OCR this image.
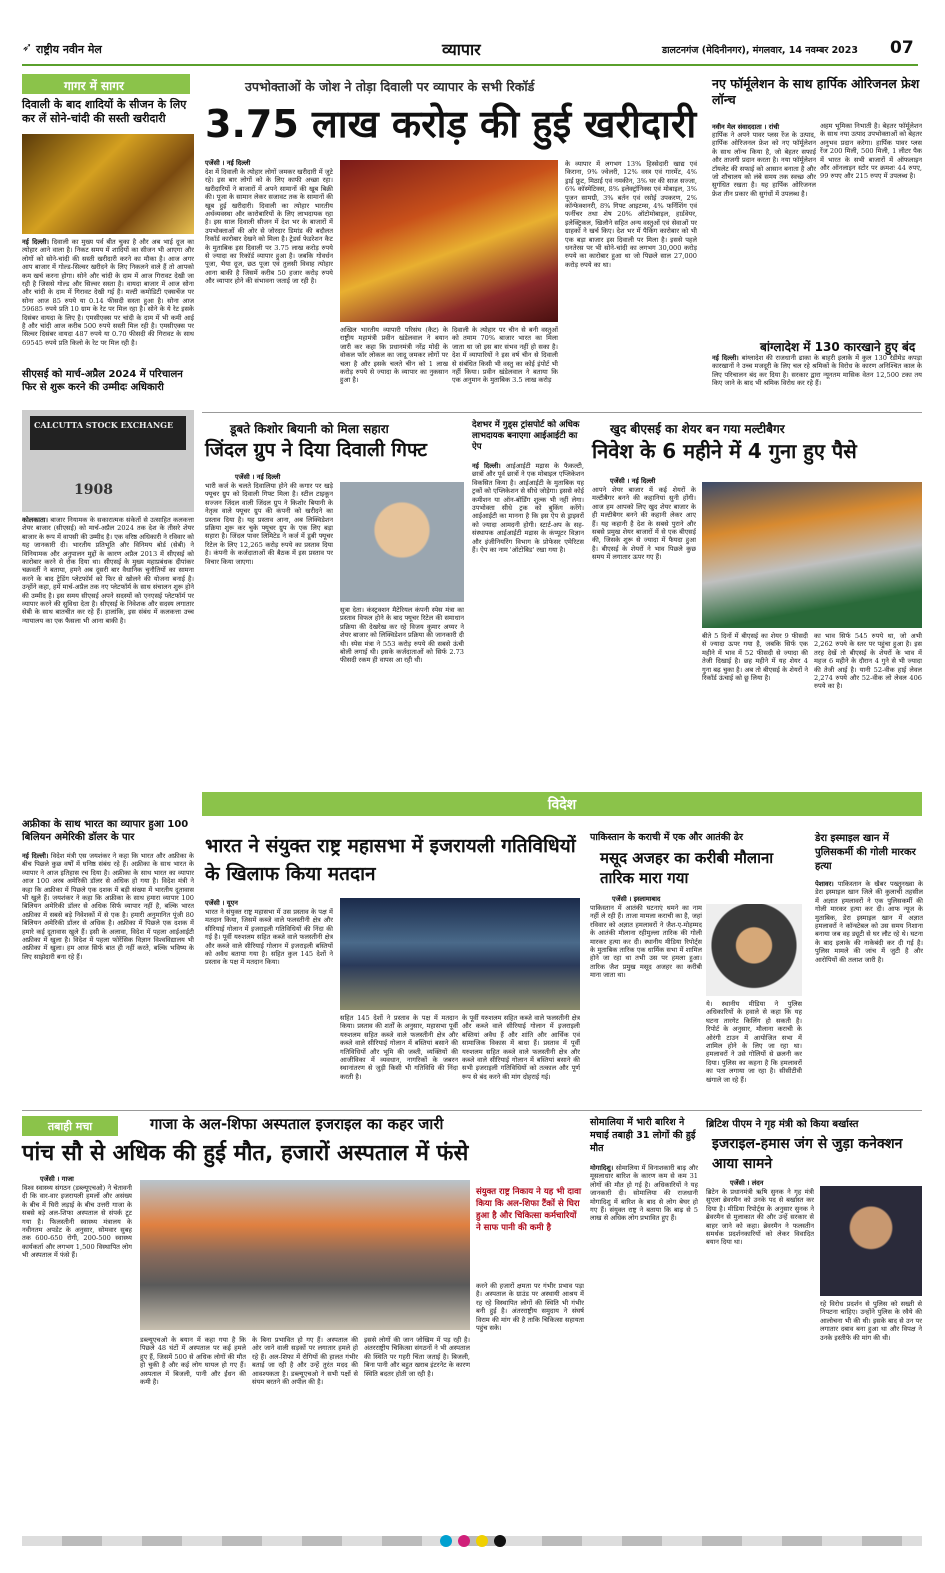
➶ राष्ट्रीय नवीन मेल	व्यापार	डालटनगंज (मेदिनीनगर), मंगलवार, 14 नवम्बर 2023 07
गागर में सागर
दिवाली के बाद शादियों के सीजन के लिए कर लें सोने-चांदी की सस्ती खरीदारी
नई दिल्ली। दिवाली का मुख्य पर्व बीत चुका है और अब भाई दूज का त्योहार आने वाला है। निकट समय में शादियों का सीजन भी आएगा और लोगों को सोने-चांदी की सस्ती खरीदारी करने का मौका है। आज अगर आप बाजार में गोल्ड-सिल्वर खरीदने के लिए निकलने वाले हैं तो आपको कम खर्च करना होगा। सोने और चांदी के दाम में आज गिरावट देखी जा रही है जिससे गोल्ड और सिल्वर सस्ता है। वायदा बाजार में आज सोना और चांदी के दाम में गिरावट देखी गई है। मल्टी कमोडिटी एक्सचेंज पर सोना आज 85 रुपये या 0.14 फीसदी सस्ता हुआ है। सोना आज 59685 रुपये प्रति 10 ग्राम के रेट पर मिल रहा है। सोने के ये रेट इसके दिसंबर वायदा के लिए है। एमसीएक्स पर चांदी के दाम में भी कमी आई है और चांदी आज करीब 500 रुपये सस्ती मिल रही है। एमसीएक्स पर सिल्वर दिसंबर वायदा 487 रुपये या 0.70 फीसदी की गिरावट के साथ 69545 रुपये प्रति किलो के रेट पर मिल रही है।
सीएसई को मार्च-अप्रैल 2024 में परिचालन फिर से शुरू करने की उम्मीदः अधिकारी
CALCUTTA STOCK EXCHANGE
1908
कोलकाता। बाजार नियामक के सकारात्मक संकेतों से उत्साहित कलकत्ता शेयर बाजार (सीएसई) को मार्च-अप्रैल 2024 तक देश के तीसरे शेयर बाजार के रूप में वापसी की उम्मीद है। एक वरिष्ठ अधिकारी ने रविवार को यह जानकारी दी। भारतीय प्रतिभूति और विनिमय बोर्ड (सेबी) ने विनियामक और अनुपालन मुद्दों के कारण अप्रैल 2013 में सीएसई को कारोबार करने से रोक दिया था। सीएसई के मुख्य महाप्रबंधक दीपांकर चक्रवर्ती ने बताया, हमने अब दूसरी बार वैधानिक चुनौतियों का सामना करने के बाद ट्रेडिंग प्लेटफॉर्म को फिर से खोलने की योजना बनाई है। उन्होंने कहा, हमें मार्च-अप्रैल तक नए प्लेटफॉर्म के साथ संचालन शुरू होने की उम्मीद है। इस समय सीएसई अपने सदस्यों को एनएसई प्लेटफॉर्म पर व्यापार करने की सुविधा देता है। सीएसई के निवेशक और सदस्य लगातार सेबी के साथ बातचीत कर रहे हैं। हालांकि, इस संबंध में कलकत्ता उच्च न्यायालय का एक फैसला भी आना बाकी है।
अफ्रीका के साथ भारत का व्यापार हुआ 100 बिलियन अमेरिकी डॉलर के पार
नई दिल्ली। विदेश मंत्री एस जयशंकर ने कहा कि भारत और अफ्रीका के बीच पिछले कुछ वर्षों में घनिष्ठ संबंध रहे हैं। अफ्रीका के साथ भारत के व्यापार ने आज इतिहास रच दिया है। अफ्रीका के साथ भारत का व्यापार आज 100 अरब अमेरिकी डॉलर से अधिक हो गया है। विदेश मंत्री ने कहा कि अफ्रीका में पिछले एक दशक में बड़ी संख्या में भारतीय दूतावास भी खुले हैं। जयशंकर ने कहा कि अफ्रीका के साथ हमारा व्यापार 100 बिलियन अमेरिकी डॉलर से अधिक सिर्फ व्यापार नहीं है, बल्कि भारत अफ्रीका में सबसे बड़े निवेशकों में से एक है। हमारी अनुमानित पूंजी 80 बिलियन अमेरिकी डॉलर से अधिक है। अफ्रीका में पिछले एक दशक में हमारे कई दूतावास खुले हैं। इसी के अलावा, विदेश में पहला आईआईटी अफ्रीका में खुला है। विदेश में पहला फोरेंसिक विज्ञान विश्वविद्यालय भी अफ्रीका में खुला। हम आज सिर्फ बात ही नहीं करते, बल्कि भविष्य के लिए साझेदारी बना रहे हैं।
उपभोक्ताओं के जोश ने तोड़ा दिवाली पर व्यापार के सभी रिकॉर्ड
3.75 लाख करोड़ की हुई खरीदारी
एजेंसी । नई दिल्ली
देश में दिवाली के त्योहार लोगों जमकर खरीदारी में जुटे रहे। इस बार लोगों को के लिए काफी अच्छा रहा। खरीदारियों ने बाजारों में अपने सामानों की खूब बिक्री की। पूजा के सामान लेकर सजावट तक के सामानों की खूब हुई खरीदारी। दिवाली का त्योहार भारतीय अर्थव्यवस्था और कारोबारियों के लिए लाभदायक रहा है। इस साल दिवाली सीजन में देश भर के बाजारों में उपभोक्ताओं की ओर से जोरदार डिमांड की बदौलत रिकॉर्ड कारोबार देखने को मिला है। ट्रेडर्स फेडरेशन कैट के मुताबिक इस दिवाली पर 3.75 लाख करोड़ रुपये से ज्यादा का रिकॉर्ड व्यापार हुआ है। जबकि गोवर्धन पूजा, भैया दूज, छठ पूजा एवं तुलसी विवाह त्योहार आना बाकी है जिसमें करीब 50 हजार करोड़ रुपये और व्यापार होने की संभावना जताई जा रही है।
अखिल भारतीय व्यापारी परिसंघ (कैट) के राष्ट्रीय महामंत्री प्रवीन खंडेलवाल ने बयान जारी कर कहा कि प्रधानमंत्री नरेंद्र मोदी के वोकल फॉर लोकल का जादू जमकर लोगों पर चला है और इसके चलते चीन को 1 लाख करोड़ रुपये से ज्यादा के व्यापार का नुकसान हुआ है।
दिवाली के त्योहार पर चीन से बनी वस्तुओं को तमाम 70% बाजार भारत का मिला जाता था जो इस बार संभव नहीं हो सका है। देश में व्यापारियों ने इस वर्ष चीन से दिवाली से संबंधित किसी भी वस्तु का कोई इंपोर्ट भी नहीं किया। प्रवीन खंडेलवाल ने बताया कि एक अनुमान के मुताबिक 3.5 लाख करोड़
के व्यापार में लगभग 13% हिस्सेदारी खाद्य एवं किराना, 9% ज्वेलरी, 12% वस्त्र एवं गारमेंट, 4% ड्राई फ्रूट, मिठाई एवं नमकीन, 3% घर की साज सज्जा, 6% कॉस्मेटिक्स, 8% इलेक्ट्रॉनिक्स एवं मोबाइल, 3% पूजन सामग्री, 3% बर्तन एवं रसोई उपकरण, 2% कॉन्फेक्शनरी, 8% गिफ्ट आइटम्स, 4% फर्निशिंग एवं फर्नीचर तथा शेष 20% ऑटोमोबाइल, हार्डवेयर, इलेक्ट्रिकल, खिलौने सहित अन्य वस्तुओं एवं सेवाओं पर ग्राहकों ने खर्च किए। देश भर में पैकिंग कारोबार को भी एक बड़ा बाजार इस दिवाली पर मिला है। इससे पहले धनतेरस पर भी सोने-चांदी का लगभग 30,000 करोड़ रुपये का कारोबार हुआ था जो पिछले साल 27,000 करोड़ रुपये का था।
नए फॉर्मूलेशन के साथ हार्पिक ओरिजनल फ्रेश लॉन्च
नवीन मेल संवाददाता । रांची
हार्पिक ने अपने पावर प्लस रेंज के उत्पाद, हार्पिक ओरिजनल फ्रेश को नए फॉर्मूलेशन के साथ लॉन्च किया है, जो बेहतर सफाई और ताजगी प्रदान करता है। नया फॉर्मूलेशन टॉयलेट की सफाई को आसान बनाता है और जो शौचालय को लंबे समय तक स्वच्छ और सुगंधित रखता है। यह हार्पिक ओरिजनल फ्रेश तीन प्रकार की सुगंधों में उपलब्ध है।
अहम भूमिका निभाती है। बेहतर फॉर्मूलेशन के साथ नया उत्पाद उपभोक्ताओं को बेहतर अनुभव प्रदान करेगा। हार्पिक पावर प्लस रेंज 200 मिली, 500 मिली, 1 लीटर पैक में भारत के सभी बाजारों में ऑफलाइन और ऑनलाइन स्टोर पर क्रमशः 44 रुपए, 99 रुपए और 215 रुपए में उपलब्ध है।
बांग्लादेश में 130 कारखाने हुए बंद
नई दिल्ली। बांग्लादेश की राजधानी ढाका के बाहरी इलाके में कुल 130 रेडीमेड कपड़ा कारखानों ने उच्च मजदूरी के लिए चल रहे श्रमिकों के विरोध के कारण अनिश्चित काल के लिए परिचालन बंद कर दिया है। सरकार द्वारा न्यूनतम मासिक वेतन 12,500 टका तय किए जाने के बाद भी श्रमिक विरोध कर रहे हैं।
डूबते किशोर बियानी को मिला सहारा
जिंदल ग्रुप ने दिया दिवाली गिफ्ट
एजेंसी । नई दिल्ली
भारी कर्ज के चलते दिवालिया होने की कगार पर खड़े फ्यूचर ग्रुप को दिवाली गिफ्ट मिला है। स्टील टाइकून सज्जन जिंदल वाली जिंदल ग्रुप ने किशोर बियानी के नेतृत्व वाले फ्यूचर ग्रुप की कंपनी को खरीदने का प्रस्ताव दिया है। यह प्रस्ताव आना, अब लिक्विडेशन प्रक्रिया शुरू कर चुके फ्यूचर ग्रुप के एक लिए बड़ा सहारा है। जिंदल पावर लिमिटेड ने कर्ज में डूबी फ्यूचर रिटेल के लिए 12,265 करोड़ रुपये का प्रस्ताव दिया है। कंपनी के कर्जदाताओं की बैठक में इस प्रस्ताव पर विचार किया जाएगा।
सुत्रा देता। कंस्ट्रक्शन मैटेरियल कंपनी स्पेस मंत्रा का प्रस्ताव विफल होने के बाद फ्यूचर रिटेल की समाधान प्रक्रिया की देखरेख कर रहे विजय कुमार अय्यर ने शेयर बाजार को लिक्विडेशन प्रक्रिया की जानकारी दी थी। स्पेस मंत्रा ने 553 करोड़ रुपये की सबसे ऊंची बोली लगाई थी। इसके कर्जदाताओं को सिर्फ 2.73 फीसदी रकम ही वापस आ रही थी।
देशभर में गुड्स ट्रांसपोर्ट को अधिक लाभदायक बनाएगा आईआईटी का ऐप
नई दिल्ली। आईआईटी मद्रास के फैकल्टी, छात्रों और पूर्व छात्रों ने एक मोबाइल एप्लिकेशन विकसित किया है। आईआईटी के मुताबिक यह ट्रकों को एप्लिकेशन से सीधे जोड़ेगा। इससे कोई कमीशन या ऑन-बोर्डिंग शुल्क भी नहीं लेगा। उपभोक्ता सीधे ट्रक को बुकिंग करेंगे। आईआईटी का मानना है कि इस ऐप से ड्राइवरों को ज्यादा आमदनी होगी। स्टार्ट-अप के सह-संस्थापक आईआईटी मद्रास के कंप्यूटर विज्ञान और इंजीनियरिंग विभाग के प्रोफेसर एमेरिटस हैं। ऐप का नाम 'ऑटोबिड' रखा गया है।
खुद बीएसई का शेयर बन गया मल्टीबैगर
निवेश के 6 महीने में 4 गुना हुए पैसे
एजेंसी । नई दिल्ली
आपने शेयर बाजार में कई शेयरों के मल्टीबैगर बनने की कहानियां सुनी होंगी। आज हम आपको लिए खुद शेयर बाजार के ही मल्टीबैगर बनने की कहानी लेकर आए हैं। यह कहानी है देश के सबसे पुराने और सबसे प्रमुख शेयर बाजारों में से एक बीएसई की, जिसके शुरू से ज्यादा में फैयदा हुआ है। बीएसई के शेयरों ने भाव पिछले कुछ समय में लगातार ऊपर गए हैं।
बीते 5 दिनों में बीएसई का शेयर 9 फीसदी से ज्यादा ऊपर गया है, जबकि सिर्फ एक महीने में भाव में 52 फीसदी से ज्यादा की तेजी दिखाई है। छह महीने में यह शेयर 4 गुना बढ़ चुका है। अब तो बीएसई के शेयरों ने रिकॉर्ड ऊंचाई को छू लिया है।
का भाव सिर्फ 545 रुपये था, जो अभी 2,262 रुपये के स्तर पर पहुंचा हुआ है। इस तरह देखें तो बीएसई के शेयरों के भाव में महज 6 महीने के दौरान 4 गुने से भी ज्यादा की तेजी आई है। यानी 52-वीक हाई लेवल 2,274 रुपये और 52-वीक लो लेवल 406 रुपये का है।
विदेश
भारत ने संयुक्त राष्ट्र महासभा में इजरायली गतिविधियों के खिलाफ किया मतदान
एजेंसी । यूएन
भारत ने संयुक्त राष्ट्र महासभा में उस प्रस्ताव के पक्ष में मतदान किया, जिसमें कब्जे वाले फलस्तीनी क्षेत्र और सीरियाई गोलान में इजराइली गतिविधियों की निंदा की गई है। पूर्वी यरुशलम सहित कब्जे वाले फलस्तीनी क्षेत्र और कब्जे वाले सीरियाई गोलान में इजराइली बस्तियों को अवैध बताया गया है। सहित कुल 145 देशों ने प्रस्ताव के पक्ष में मतदान किया।
सहित 145 देशों ने प्रस्ताव के पक्ष में मतदान किया। प्रस्ताव की शर्तों के अनुसार, महासभा पूर्वी यरुशलम सहित कब्जे वाले फलस्तीनी क्षेत्र और कब्जे वाले सीरियाई गोलान में बस्तियां बसाने की गतिविधियों और भूमि की जब्ती, व्यक्तियों की आजीविका में व्यवधान, नागरिकों के जबरन स्थानांतरण से जुड़ी किसी भी गतिविधि की निंदा करती है।
के पूर्वी यरुशलम सहित कब्जे वाले फलस्तीनी क्षेत्र और कब्जे वाले सीरियाई गोलान में इजराइली बस्तियां अवैध हैं और शांति और आर्थिक एवं सामाजिक विकास में बाधा हैं। प्रस्ताव में पूर्वी यरुशलम सहित कब्जे वाले फलस्तीनी क्षेत्र और कब्जे वाले सीरियाई गोलान में बस्तियां बसाने की सभी इजराइली गतिविधियों को तत्काल और पूर्ण रूप से बंद करने की मांग दोहराई गई।
पाकिस्तान के कराची में एक और आतंकी ढेर
मसूद अजहर का करीबी मौलाना तारिक मारा गया
एजेंसी । इस्लामाबाद
पाकिस्तान में आतंकी घटनाएं थमने का नाम नहीं ले रही हैं। ताजा मामला कराची का है, जहां रविवार को अज्ञात हमलावरों ने जैश-ए-मोहम्मद के आतंकी मौलाना रहीमुल्ला तारिक की गोली मारकर हत्या कर दी। स्थानीय मीडिया रिपोर्ट्स के मुताबिक तारिक एक धार्मिक सभा में शामिल होने जा रहा था तभी उस पर हमला हुआ। तारिक जैश प्रमुख मसूद अजहर का करीबी माना जाता था।
ये। स्थानीय मीडिया ने पुलिस अधिकारियों के हवाले से कहा कि यह घटना तारगेट किलिंग हो सकती है। रिपोर्ट के अनुसार, मौलाना कराची के ओरंगी टाउन में आयोजित सभा में शामिल होने के लिए जा रहा था। हमलावरों ने उसे गोलियों से छलनी कर दिया। पुलिस का कहना है कि हमलावरों का पता लगाया जा रहा है। सीसीटीवी खंगाले जा रहे हैं।
डेरा इस्माइल खान में पुलिसकर्मी की गोली मारकर हत्या
पेशावर। पाकिस्तान के खैबर पख्तूनख्वा के डेरा इस्माइल खान जिले की कुलाची तहसील में अज्ञात हमलावरों ने एक पुलिसकर्मी की गोली मारकर हत्या कर दी। आफ न्यूज के मुताबिक, डेरा इस्माइल खान में अज्ञात हमलावरों ने कॉन्स्टेबल को उस समय निशाना बनाया जब वह ड्यूटी से घर लौट रहे थे। घटना के बाद इलाके की नाकेबंदी कर दी गई है। पुलिस मामले की जांच में जुटी है और आरोपियों की तलाश जारी है।
तबाही मचा	गाजा के अल-शिफा अस्पताल इजराइल का कहर जारी
पांच सौ से अधिक की हुई मौत, हजारों अस्पताल में फंसे
एजेंसी । गाजा
विश्व स्वास्थ्य संगठन (डब्ल्यूएचओ) ने चेतावनी दी कि वार-वार इजरायली हमलों और असंख्य के बीच में घिरी लड़ाई के बीच उत्तरी गाजा के सबसे बड़े अल-शिफा अस्पताल से संपर्क टूट गया है। फिलस्तीनी स्वास्थ्य मंत्रालय के नवीनतम अपडेट के अनुसार, सोमवार सुबह तक 600-650 रोगी, 200-500 स्वास्थ्य कार्यकर्ता और लगभग 1,500 विस्थापित लोग भी अस्पताल में फंसे हैं।
डब्ल्यूएचओ के बयान में कहा गया है कि पिछले 48 घंटों में अस्पताल पर कई हमले हुए हैं, जिसमें 500 से अधिक लोगों की मौत हो चुकी है और कई लोग घायल हो गए हैं। अस्पताल में बिजली, पानी और ईंधन की कमी है।
के बिना प्रभावित हो गए हैं। अस्पताल की ओर जाने वाली सड़कों पर लगातार हमले हो रहे हैं। अल-शिफा में रोगियों की हालत गंभीर बताई जा रही है और उन्हें तुरंत मदद की आवश्यकता है। डब्ल्यूएचओ ने सभी पक्षों से संयम बरतने की अपील की है।
इससे लोगों की जान जोखिम में पड़ रही है। अंतरराष्ट्रीय चिकित्सा संगठनों ने भी अस्पताल की स्थिति पर गहरी चिंता जताई है। बिजली, बिना पानी और बहुत खराब इंटरनेट के कारण स्थिति बदतर होती जा रही है।
संयुक्त राष्ट्र निकाय ने यह भी दावा किया कि अल-शिफा टैंकों से घिरा हुआ है और चिकित्सा कर्मचारियों ने साफ पानी की कमी है
करने की हजारों क्षमता पर गंभीर प्रभाव पड़ा है। अस्पताल के ग्राउंड पर अस्थायी आश्रय में रह रहे विस्थापित लोगों की स्थिति भी गंभीर बनी हुई है। अंतरराष्ट्रीय समुदाय ने संघर्ष विराम की मांग की है ताकि चिकित्सा सहायता पहुंच सके।
सोमालिया में भारी बारिश ने मचाई तबाही 31 लोगों की हुई मौत
मोगादिशु। सोमालिया में विनाशकारी बाढ़ और मूसलाधार बारिश के कारण कम से कम 31 लोगों की मौत हो गई है। अधिकारियों ने यह जानकारी दी। सोमालिया की राजधानी मोगादिशु में बारिश के बाद से लोग बेघर हो गए हैं। संयुक्त राष्ट्र ने बताया कि बाढ़ से 5 लाख से अधिक लोग प्रभावित हुए हैं।
ब्रिटिश पीएम ने गृह मंत्री को किया बर्खास्त
इजराइल-हमास जंग से जुड़ा कनेक्शन आया सामने
एजेंसी । लंदन
ब्रिटेन के प्रधानमंत्री ऋषि सुनक ने गृह मंत्री सुएला ब्रेवरमैन को उनके पद से बर्खास्त कर दिया है। मीडिया रिपोर्ट्स के अनुसार सुनक ने ब्रेवरमैन से मुलाकात की और उन्हें सरकार से बाहर जाने को कहा। ब्रेवरमैन ने फलस्तीन समर्थक प्रदर्शनकारियों को लेकर विवादित बयान दिया था।
रहे विरोध प्रदर्शन से पुलिस को सख्ती से निपटना चाहिए। उन्होंने पुलिस के रवैये की आलोचना भी की थी। इसके बाद से उन पर लगातार दबाव बना हुआ था और विपक्ष ने उनके इस्तीफे की मांग की थी।
